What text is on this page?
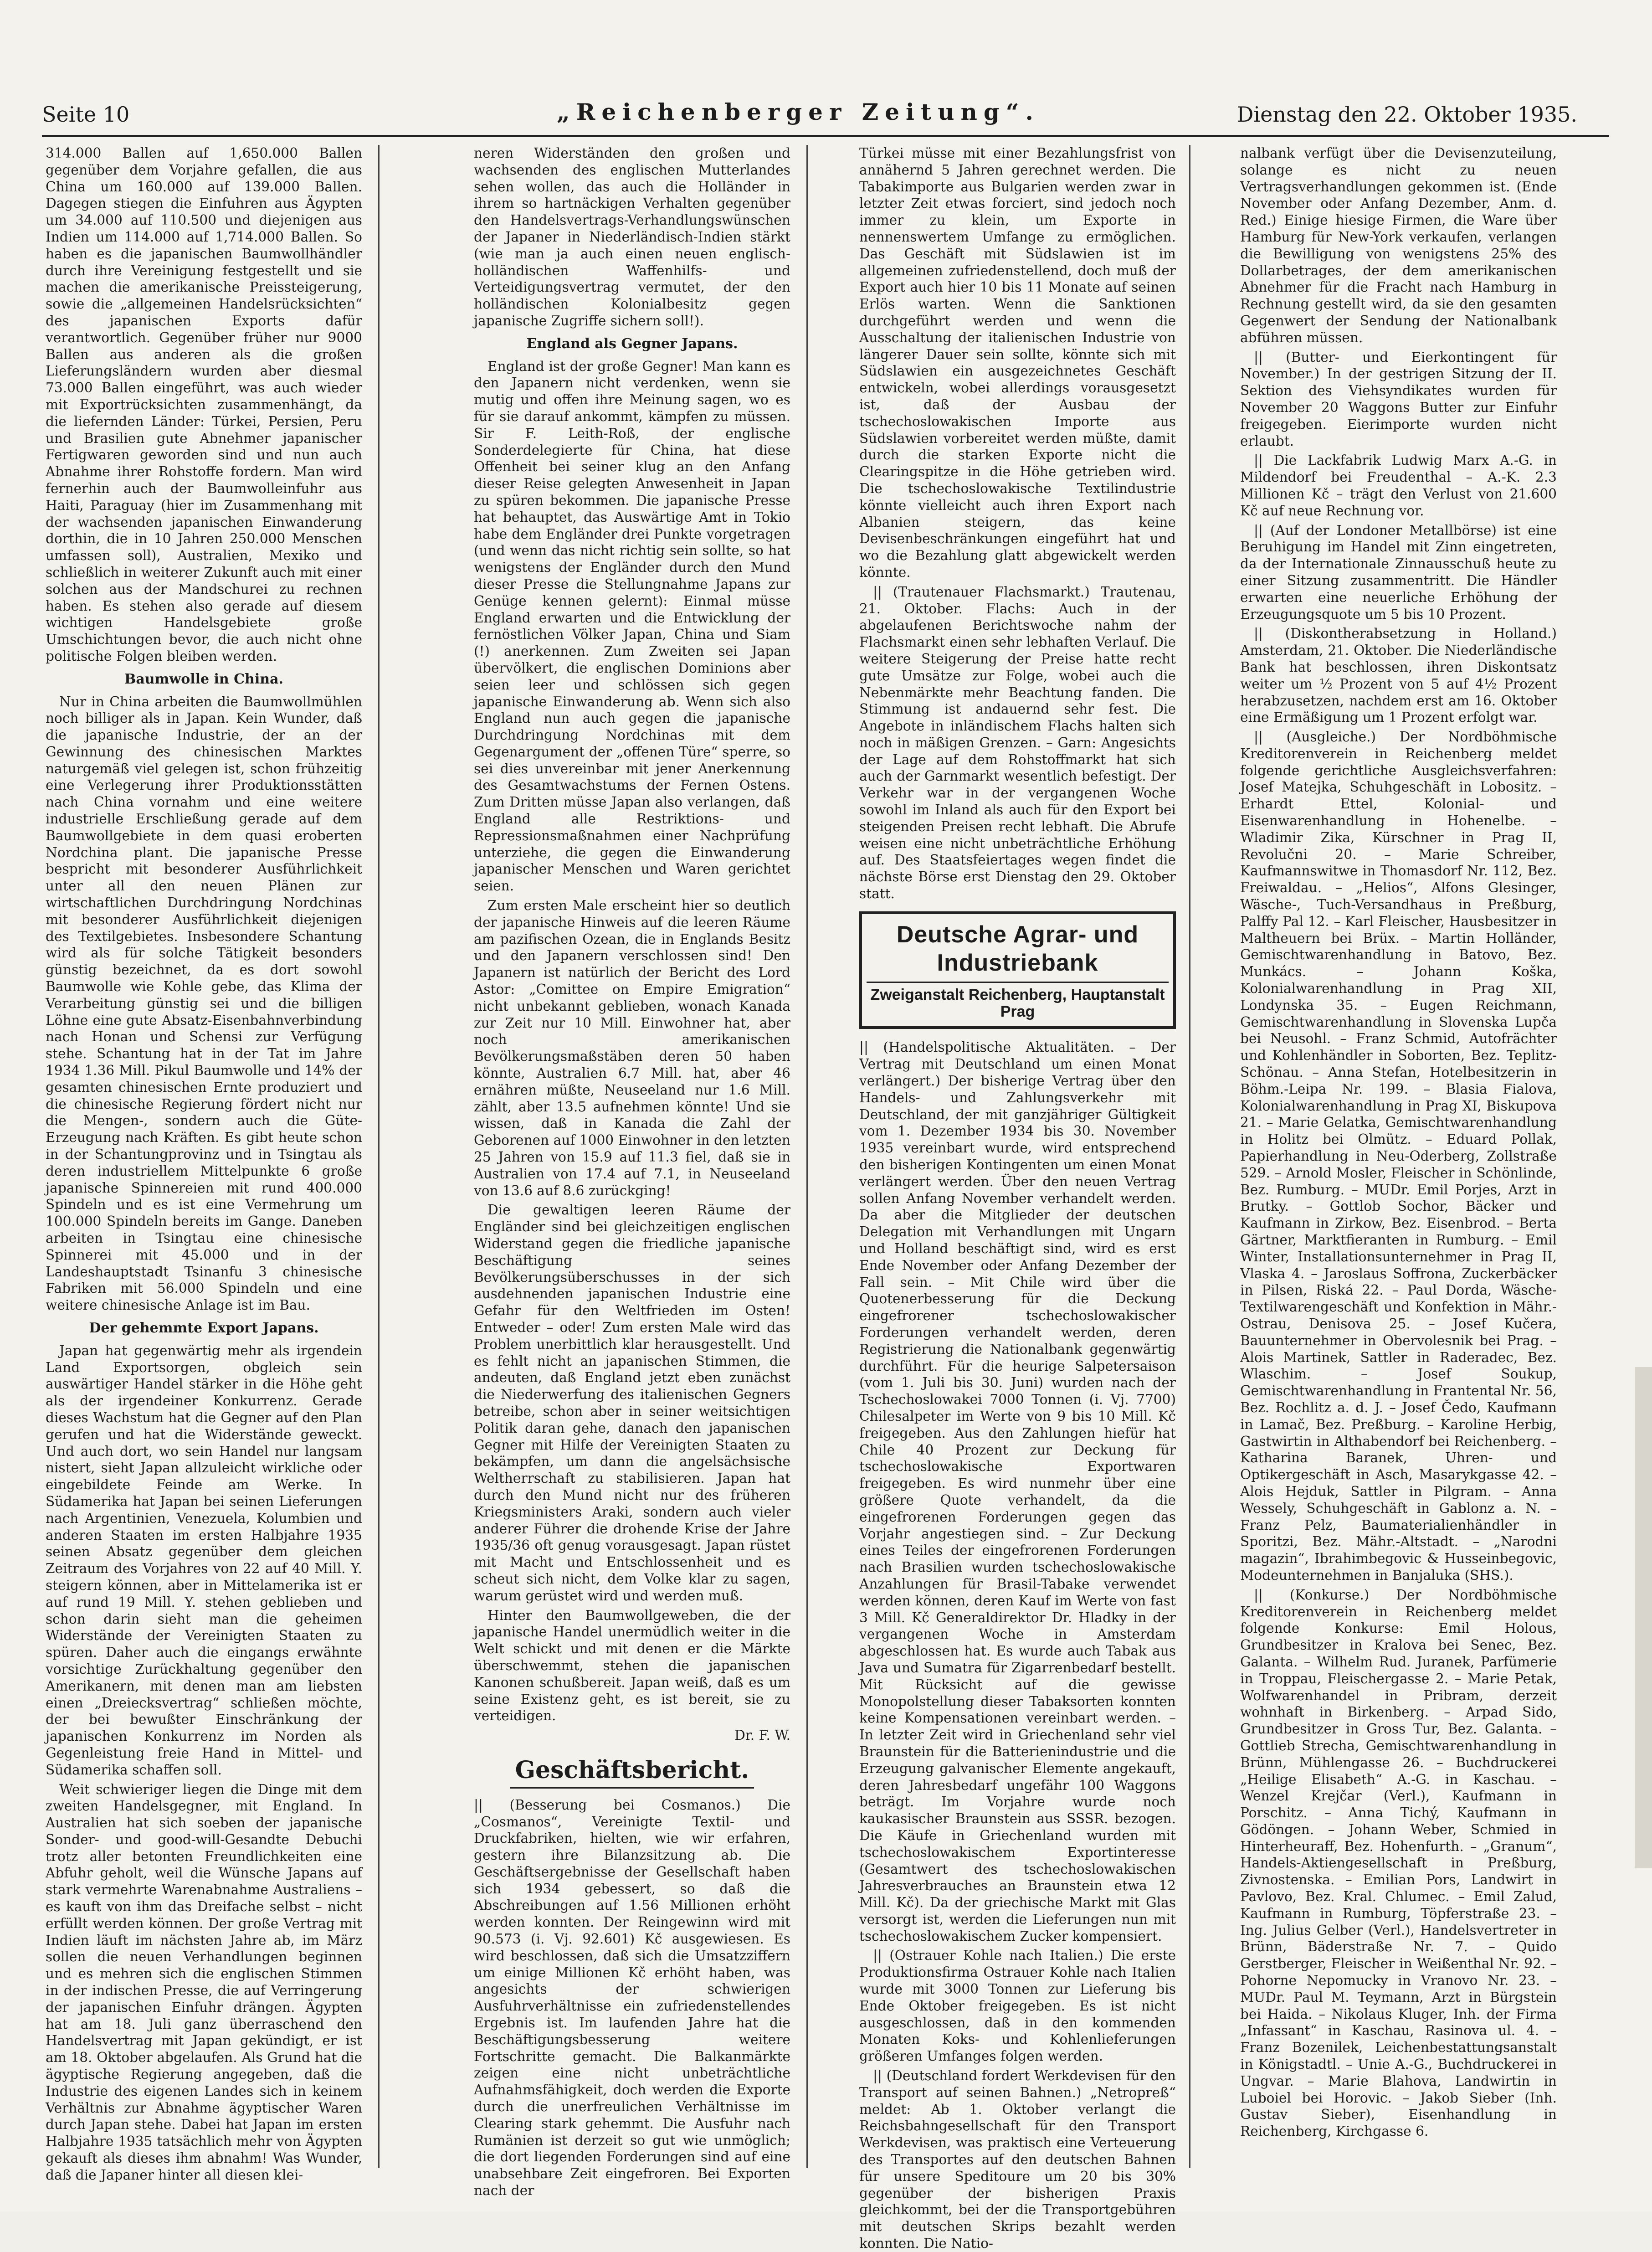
Seite 10	„Reichenberger Zeitung“.	Dienstag den 22. Oktober 1935.

314.000 Ballen auf 1,650.000 Ballen gegenüber dem Vorjahre gefallen, die aus China um 160.000 auf 139.000 Ballen. Dagegen stiegen die Einfuhren aus Ägypten um 34.000 auf 110.500 und diejenigen aus Indien um 114.000 auf 1,714.000 Ballen. So haben es die japanischen Baumwollhändler durch ihre Vereinigung festgestellt und sie machen die amerikanische Preissteigerung, sowie die „allgemeinen Handelsrücksichten“ des japanischen Exports dafür verantwortlich. Gegenüber früher nur 9000 Ballen aus anderen als die großen Lieferungsländern wurden aber diesmal 73.000 Ballen eingeführt, was auch wieder mit Exportrücksichten zusammenhängt, da die liefernden Länder: Türkei, Persien, Peru und Brasilien gute Abnehmer japanischer Fertigwaren geworden sind und nun auch Abnahme ihrer Rohstoffe fordern. Man wird fernerhin auch der Baumwolleinfuhr aus Haiti, Paraguay (hier im Zusammenhang mit der wachsenden japanischen Einwanderung dorthin, die in 10 Jahren 250.000 Menschen umfassen soll), Australien, Mexiko und schließlich in weiterer Zukunft auch mit einer solchen aus der Mandschurei zu rechnen haben. Es stehen also gerade auf diesem wichtigen Handelsgebiete große Umschichtungen bevor, die auch nicht ohne politische Folgen bleiben werden.

Baumwolle in China.

Nur in China arbeiten die Baumwollmühlen noch billiger als in Japan. Kein Wunder, daß die japanische Industrie, der an der Gewinnung des chinesischen Marktes naturgemäß viel gelegen ist, schon frühzeitig eine Verlegerung ihrer Produktionsstätten nach China vornahm und eine weitere industrielle Erschließung gerade auf dem Baumwollgebiete in dem quasi eroberten Nordchina plant. Die japanische Presse bespricht mit besonderer Ausführlichkeit unter all den neuen Plänen zur wirtschaftlichen Durchdringung Nordchinas mit besonderer Ausführlichkeit diejenigen des Textilgebietes. Insbesondere Schantung wird als für solche Tätigkeit besonders günstig bezeichnet, da es dort sowohl Baumwolle wie Kohle gebe, das Klima der Verarbeitung günstig sei und die billigen Löhne eine gute Absatz-Eisenbahnverbindung nach Honan und Schensi zur Verfügung stehe. Schantung hat in der Tat im Jahre 1934 1.36 Mill. Pikul Baumwolle und 14% der gesamten chinesischen Ernte produziert und die chinesische Regierung fördert nicht nur die Mengen-, sondern auch die Güte-Erzeugung nach Kräften. Es gibt heute schon in der Schantungprovinz und in Tsingtau als deren industriellem Mittelpunkte 6 große japanische Spinnereien mit rund 400.000 Spindeln und es ist eine Vermehrung um 100.000 Spindeln bereits im Gange. Daneben arbeiten in Tsingtau eine chinesische Spinnerei mit 45.000 und in der Landeshauptstadt Tsinanfu 3 chinesische Fabriken mit 56.000 Spindeln und eine weitere chinesische Anlage ist im Bau.

Der gehemmte Export Japans.

Japan hat gegenwärtig mehr als irgendein Land Exportsorgen, obgleich sein auswärtiger Handel stärker in die Höhe geht als der irgendeiner Konkurrenz. Gerade dieses Wachstum hat die Gegner auf den Plan gerufen und hat die Widerstände geweckt. Und auch dort, wo sein Handel nur langsam nistert, sieht Japan allzuleicht wirkliche oder eingebildete Feinde am Werke. In Südamerika hat Japan bei seinen Lieferungen nach Argentinien, Venezuela, Kolumbien und anderen Staaten im ersten Halbjahre 1935 seinen Absatz gegenüber dem gleichen Zeitraum des Vorjahres von 22 auf 40 Mill. Y. steigern können, aber in Mittelamerika ist er auf rund 19 Mill. Y. stehen geblieben und schon darin sieht man die geheimen Widerstände der Vereinigten Staaten zu spüren. Daher auch die eingangs erwähnte vorsichtige Zurückhaltung gegenüber den Amerikanern, mit denen man am liebsten einen „Dreiecksvertrag“ schließen möchte, der bei bewußter Einschränkung der japanischen Konkurrenz im Norden als Gegenleistung freie Hand in Mittel- und Südamerika schaffen soll.

Weit schwieriger liegen die Dinge mit dem zweiten Handelsgegner, mit England. In Australien hat sich soeben der japanische Sonder- und good-will-Gesandte Debuchi trotz aller betonten Freundlichkeiten eine Abfuhr geholt, weil die Wünsche Japans auf stark vermehrte Warenabnahme Australiens – es kauft von ihm das Dreifache selbst – nicht erfüllt werden können. Der große Vertrag mit Indien läuft im nächsten Jahre ab, im März sollen die neuen Verhandlungen beginnen und es mehren sich die englischen Stimmen in der indischen Presse, die auf Verringerung der japanischen Einfuhr drängen. Ägypten hat am 18. Juli ganz überraschend den Handelsvertrag mit Japan gekündigt, er ist am 18. Oktober abgelaufen. Als Grund hat die ägyptische Regierung angegeben, daß die Industrie des eigenen Landes sich in keinem Verhältnis zur Abnahme ägyptischer Waren durch Japan stehe. Dabei hat Japan im ersten Halbjahre 1935 tatsächlich mehr von Ägypten gekauft als dieses ihm abnahm! Was Wunder, daß die Japaner hinter all diesen klei-

neren Widerständen den großen und wachsenden des englischen Mutterlandes sehen wollen, das auch die Holländer in ihrem so hartnäckigen Verhalten gegenüber den Handelsvertrags-Verhandlungswünschen der Japaner in Niederländisch-Indien stärkt (wie man ja auch einen neuen englisch-holländischen Waffenhilfs- und Verteidigungsvertrag vermutet, der den holländischen Kolonialbesitz gegen japanische Zugriffe sichern soll!).

England als Gegner Japans.

England ist der große Gegner! Man kann es den Japanern nicht verdenken, wenn sie mutig und offen ihre Meinung sagen, wo es für sie darauf ankommt, kämpfen zu müssen. Sir F. Leith-Roß, der englische Sonderdelegierte für China, hat diese Offenheit bei seiner klug an den Anfang dieser Reise gelegten Anwesenheit in Japan zu spüren bekommen. Die japanische Presse hat behauptet, das Auswärtige Amt in Tokio habe dem Engländer drei Punkte vorgetragen (und wenn das nicht richtig sein sollte, so hat wenigstens der Engländer durch den Mund dieser Presse die Stellungnahme Japans zur Genüge kennen gelernt): Einmal müsse England erwarten und die Entwicklung der fernöstlichen Völker Japan, China und Siam (!) anerkennen. Zum Zweiten sei Japan übervölkert, die englischen Dominions aber seien leer und schlössen sich gegen japanische Einwanderung ab. Wenn sich also England nun auch gegen die japanische Durchdringung Nordchinas mit dem Gegenargument der „offenen Türe“ sperre, so sei dies unvereinbar mit jener Anerkennung des Gesamtwachstums der Fernen Ostens. Zum Dritten müsse Japan also verlangen, daß England alle Restriktions- und Repressionsmaßnahmen einer Nachprüfung unterziehe, die gegen die Einwanderung japanischer Menschen und Waren gerichtet seien.

Zum ersten Male erscheint hier so deutlich der japanische Hinweis auf die leeren Räume am pazifischen Ozean, die in Englands Besitz und den Japanern verschlossen sind! Den Japanern ist natürlich der Bericht des Lord Astor: „Comittee on Empire Emigration“ nicht unbekannt geblieben, wonach Kanada zur Zeit nur 10 Mill. Einwohner hat, aber noch amerikanischen Bevölkerungsmaßstäben deren 50 haben könnte, Australien 6.7 Mill. hat, aber 46 ernähren müßte, Neuseeland nur 1.6 Mill. zählt, aber 13.5 aufnehmen könnte! Und sie wissen, daß in Kanada die Zahl der Geborenen auf 1000 Einwohner in den letzten 25 Jahren von 15.9 auf 11.3 fiel, daß sie in Australien von 17.4 auf 7.1, in Neuseeland von 13.6 auf 8.6 zurückging!

Die gewaltigen leeren Räume der Engländer sind bei gleichzeitigen englischen Widerstand gegen die friedliche japanische Beschäftigung seines Bevölkerungsüberschusses in der sich ausdehnenden japanischen Industrie eine Gefahr für den Weltfrieden im Osten! Entweder – oder! Zum ersten Male wird das Problem unerbittlich klar herausgestellt. Und es fehlt nicht an japanischen Stimmen, die andeuten, daß England jetzt eben zunächst die Niederwerfung des italienischen Gegners betreibe, schon aber in seiner weitsichtigen Politik daran gehe, danach den japanischen Gegner mit Hilfe der Vereinigten Staaten zu bekämpfen, um dann die angelsächsische Weltherrschaft zu stabilisieren. Japan hat durch den Mund nicht nur des früheren Kriegsministers Araki, sondern auch vieler anderer Führer die drohende Krise der Jahre 1935/36 oft genug vorausgesagt. Japan rüstet mit Macht und Entschlossenheit und es scheut sich nicht, dem Volke klar zu sagen, warum gerüstet wird und werden muß.

Hinter den Baumwollgeweben, die der japanische Handel unermüdlich weiter in die Welt schickt und mit denen er die Märkte überschwemmt, stehen die japanischen Kanonen schußbereit. Japan weiß, daß es um seine Existenz geht, es ist bereit, sie zu verteidigen.

Dr. F. W.
Geschäftsbericht.

|| (Besserung bei Cosmanos.) Die „Cosmanos“, Vereinigte Textil- und Druckfabriken, hielten, wie wir erfahren, gestern ihre Bilanzsitzung ab. Die Geschäftsergebnisse der Gesellschaft haben sich 1934 gebessert, so daß die Abschreibungen auf 1.56 Millionen erhöht werden konnten. Der Reingewinn wird mit 90.573 (i. Vj. 92.601) Kč ausgewiesen. Es wird beschlossen, daß sich die Umsatzziffern um einige Millionen Kč erhöht haben, was angesichts der schwierigen Ausfuhrverhältnisse ein zufriedenstellendes Ergebnis ist. Im laufenden Jahre hat die Beschäftigungsbesserung weitere Fortschritte gemacht. Die Balkanmärkte zeigen eine nicht unbeträchtliche Aufnahmsfähigkeit, doch werden die Exporte durch die unerfreulichen Verhältnisse im Clearing stark gehemmt. Die Ausfuhr nach Rumänien ist derzeit so gut wie unmöglich; die dort liegenden Forderungen sind auf eine unabsehbare Zeit eingefroren. Bei Exporten nach der

Türkei müsse mit einer Bezahlungsfrist von annähernd 5 Jahren gerechnet werden. Die Tabakimporte aus Bulgarien werden zwar in letzter Zeit etwas forciert, sind jedoch noch immer zu klein, um Exporte in nennenswertem Umfange zu ermöglichen. Das Geschäft mit Südslawien ist im allgemeinen zufriedenstellend, doch muß der Export auch hier 10 bis 11 Monate auf seinen Erlös warten. Wenn die Sanktionen durchgeführt werden und wenn die Ausschaltung der italienischen Industrie von längerer Dauer sein sollte, könnte sich mit Südslawien ein ausgezeichnetes Geschäft entwickeln, wobei allerdings vorausgesetzt ist, daß der Ausbau der tschechoslowakischen Importe aus Südslawien vorbereitet werden müßte, damit durch die starken Exporte nicht die Clearingspitze in die Höhe getrieben wird. Die tschechoslowakische Textilindustrie könnte vielleicht auch ihren Export nach Albanien steigern, das keine Devisenbeschränkungen eingeführt hat und wo die Bezahlung glatt abgewickelt werden könnte.

|| (Trautenauer Flachsmarkt.) Trautenau, 21. Oktober. Flachs: Auch in der abgelaufenen Berichtswoche nahm der Flachsmarkt einen sehr lebhaften Verlauf. Die weitere Steigerung der Preise hatte recht gute Umsätze zur Folge, wobei auch die Nebenmärkte mehr Beachtung fanden. Die Stimmung ist andauernd sehr fest. Die Angebote in inländischem Flachs halten sich noch in mäßigen Grenzen. – Garn: Angesichts der Lage auf dem Rohstoffmarkt hat sich auch der Garnmarkt wesentlich befestigt. Der Verkehr war in der vergangenen Woche sowohl im Inland als auch für den Export bei steigenden Preisen recht lebhaft. Die Abrufe weisen eine nicht unbeträchtliche Erhöhung auf. Des Staatsfeiertages wegen findet die nächste Börse erst Dienstag den 29. Oktober statt.

Deutsche Agrar- und Industriebank
Zweiganstalt Reichenberg, Hauptanstalt Prag

|| (Handelspolitische Aktualitäten. – Der Vertrag mit Deutschland um einen Monat verlängert.) Der bisherige Vertrag über den Handels- und Zahlungsverkehr mit Deutschland, der mit ganzjähriger Gültigkeit vom 1. Dezember 1934 bis 30. November 1935 vereinbart wurde, wird entsprechend den bisherigen Kontingenten um einen Monat verlängert werden. Über den neuen Vertrag sollen Anfang November verhandelt werden. Da aber die Mitglieder der deutschen Delegation mit Verhandlungen mit Ungarn und Holland beschäftigt sind, wird es erst Ende November oder Anfang Dezember der Fall sein. – Mit Chile wird über die Quotenerbesserung für die Deckung eingefrorener tschechoslowakischer Forderungen verhandelt werden, deren Registrierung die Nationalbank gegenwärtig durchführt. Für die heurige Salpetersaison (vom 1. Juli bis 30. Juni) wurden nach der Tschechoslowakei 7000 Tonnen (i. Vj. 7700) Chilesalpeter im Werte von 9 bis 10 Mill. Kč freigegeben. Aus den Zahlungen hiefür hat Chile 40 Prozent zur Deckung für tschechoslowakische Exportwaren freigegeben. Es wird nunmehr über eine größere Quote verhandelt, da die eingefrorenen Forderungen gegen das Vorjahr angestiegen sind. – Zur Deckung eines Teiles der eingefrorenen Forderungen nach Brasilien wurden tschechoslowakische Anzahlungen für Brasil-Tabake verwendet werden können, deren Kauf im Werte von fast 3 Mill. Kč Generaldirektor Dr. Hladky in der vergangenen Woche in Amsterdam abgeschlossen hat. Es wurde auch Tabak aus Java und Sumatra für Zigarrenbedarf bestellt. Mit Rücksicht auf die gewisse Monopolstellung dieser Tabaksorten konnten keine Kompensationen vereinbart werden. – In letzter Zeit wird in Griechenland sehr viel Braunstein für die Batterienindustrie und die Erzeugung galvanischer Elemente angekauft, deren Jahresbedarf ungefähr 100 Waggons beträgt. Im Vorjahre wurde noch kaukasischer Braunstein aus SSSR. bezogen. Die Käufe in Griechenland wurden mit tschechoslowakischem Exportinteresse (Gesamtwert des tschechoslowakischen Jahresverbrauches an Braunstein etwa 12 Mill. Kč). Da der griechische Markt mit Glas versorgt ist, werden die Lieferungen nun mit tschechoslowakischem Zucker kompensiert.

|| (Ostrauer Kohle nach Italien.) Die erste Produktionsfirma Ostrauer Kohle nach Italien wurde mit 3000 Tonnen zur Lieferung bis Ende Oktober freigegeben. Es ist nicht ausgeschlossen, daß in den kommenden Monaten Koks- und Kohlenlieferungen größeren Umfanges folgen werden.

|| (Deutschland fordert Werkdevisen für den Transport auf seinen Bahnen.) „Netropreß“ meldet: Ab 1. Oktober verlangt die Reichsbahngesellschaft für den Transport Werkdevisen, was praktisch eine Verteuerung des Transportes auf den deutschen Bahnen für unsere Speditoure um 20 bis 30% gegenüber der bisherigen Praxis gleichkommt, bei der die Transportgebühren mit deutschen Skrips bezahlt werden konnten. Die Natio-

nalbank verfügt über die Devisenzuteilung, solange es nicht zu neuen Vertragsverhandlungen gekommen ist. (Ende November oder Anfang Dezember, Anm. d. Red.) Einige hiesige Firmen, die Ware über Hamburg für New-York verkaufen, verlangen die Bewilligung von wenigstens 25% des Dollarbetrages, der dem amerikanischen Abnehmer für die Fracht nach Hamburg in Rechnung gestellt wird, da sie den gesamten Gegenwert der Sendung der Nationalbank abführen müssen.

|| (Butter- und Eierkontingent für November.) In der gestrigen Sitzung der II. Sektion des Viehsyndikates wurden für November 20 Waggons Butter zur Einfuhr freigegeben. Eierimporte wurden nicht erlaubt.

|| Die Lackfabrik Ludwig Marx A.-G. in Mildendorf bei Freudenthal – A.-K. 2.3 Millionen Kč – trägt den Verlust von 21.600 Kč auf neue Rechnung vor.

|| (Auf der Londoner Metallbörse) ist eine Beruhigung im Handel mit Zinn eingetreten, da der Internationale Zinnausschuß heute zu einer Sitzung zusammentritt. Die Händler erwarten eine neuerliche Erhöhung der Erzeugungsquote um 5 bis 10 Prozent.

|| (Diskontherabsetzung in Holland.) Amsterdam, 21. Oktober. Die Niederländische Bank hat beschlossen, ihren Diskontsatz weiter um ½ Prozent von 5 auf 4½ Prozent herabzusetzen, nachdem erst am 16. Oktober eine Ermäßigung um 1 Prozent erfolgt war.

|| (Ausgleiche.) Der Nordböhmische Kreditorenverein in Reichenberg meldet folgende gerichtliche Ausgleichsverfahren: Josef Matejka, Schuhgeschäft in Lobositz. – Erhardt Ettel, Kolonial- und Eisenwarenhandlung in Hohenelbe. – Wladimir Zika, Kürschner in Prag II, Revolučni 20. – Marie Schreiber, Kaufmannswitwe in Thomasdorf Nr. 112, Bez. Freiwaldau. – „Helios“, Alfons Glesinger, Wäsche-, Tuch-Versandhaus in Preßburg, Palffy Pal 12. – Karl Fleischer, Hausbesitzer in Maltheuern bei Brüx. – Martin Holländer, Gemischtwarenhandlung in Batovo, Bez. Munkács. – Johann Koška, Kolonialwarenhandlung in Prag XII, Londynska 35. – Eugen Reichmann, Gemischtwarenhandlung in Slovenska Lupča bei Neusohl. – Franz Schmid, Autofrächter und Kohlenhändler in Soborten, Bez. Teplitz-Schönau. – Anna Stefan, Hotelbesitzerin in Böhm.-Leipa Nr. 199. – Blasia Fialova, Kolonialwarenhandlung in Prag XI, Biskupova 21. – Marie Gelatka, Gemischtwarenhandlung in Holitz bei Olmütz. – Eduard Pollak, Papierhandlung in Neu-Oderberg, Zollstraße 529. – Arnold Mosler, Fleischer in Schönlinde, Bez. Rumburg. – MUDr. Emil Porjes, Arzt in Brutky. – Gottlob Sochor, Bäcker und Kaufmann in Zirkow, Bez. Eisenbrod. – Berta Gärtner, Marktfieranten in Rumburg. – Emil Winter, Installationsunternehmer in Prag II, Vlaska 4. – Jaroslaus Soffrona, Zuckerbäcker in Pilsen, Riská 22. – Paul Dorda, Wäsche-Textilwarengeschäft und Konfektion in Mähr.-Ostrau, Denisova 25. – Josef Kučera, Bauunternehmer in Obervolesnik bei Prag. – Alois Martinek, Sattler in Raderadec, Bez. Wlaschim. – Josef Soukup, Gemischtwarenhandlung in Frantental Nr. 56, Bez. Rochlitz a. d. J. – Josef Čedo, Kaufmann in Lamač, Bez. Preßburg. – Karoline Herbig, Gastwirtin in Althabendorf bei Reichenberg. – Katharina Baranek, Uhren- und Optikergeschäft in Asch, Masarykgasse 42. – Alois Hejduk, Sattler in Pilgram. – Anna Wessely, Schuhgeschäft in Gablonz a. N. – Franz Pelz, Baumaterialienhändler in Sporitzi, Bez. Mähr.-Altstadt. – „Narodni magazin“, Ibrahimbegovic & Husseinbegovic, Modeunternehmen in Banjaluka (SHS.).

|| (Konkurse.) Der Nordböhmische Kreditorenverein in Reichenberg meldet folgende Konkurse: Emil Holous, Grundbesitzer in Kralova bei Senec, Bez. Galanta. – Wilhelm Rud. Juranek, Parfümerie in Troppau, Fleischergasse 2. – Marie Petak, Wolfwarenhandel in Pribram, derzeit wohnhaft in Birkenberg. – Arpad Sido, Grundbesitzer in Gross Tur, Bez. Galanta. – Gottlieb Strecha, Gemischtwarenhandlung in Brünn, Mühlengasse 26. – Buchdruckerei „Heilige Elisabeth“ A.-G. in Kaschau. – Wenzel Krejčar (Verl.), Kaufmann in Porschitz. – Anna Tichý, Kaufmann in Gödöngen. – Johann Weber, Schmied in Hinterheuraff, Bez. Hohenfurth. – „Granum“, Handels-Aktiengesellschaft in Preßburg, Zivnostenska. – Emilian Pors, Landwirt in Pavlovo, Bez. Kral. Chlumec. – Emil Zalud, Kaufmann in Rumburg, Töpferstraße 23. – Ing. Julius Gelber (Verl.), Handelsvertreter in Brünn, Bäderstraße Nr. 7. – Quido Gerstberger, Fleischer in Weißenthal Nr. 92. – Pohorne Nepomucky in Vranovo Nr. 23. – MUDr. Paul M. Teymann, Arzt in Bürgstein bei Haida. – Nikolaus Kluger, Inh. der Firma „Infassant“ in Kaschau, Rasinova ul. 4. – Franz Bozenilek, Leichenbestattungsanstalt in Königstadtl. – Unie A.-G., Buchdruckerei in Ungvar. – Marie Blahova, Landwirtin in Luboiel bei Horovic. – Jakob Sieber (Inh. Gustav Sieber), Eisenhandlung in Reichenberg, Kirchgasse 6.
